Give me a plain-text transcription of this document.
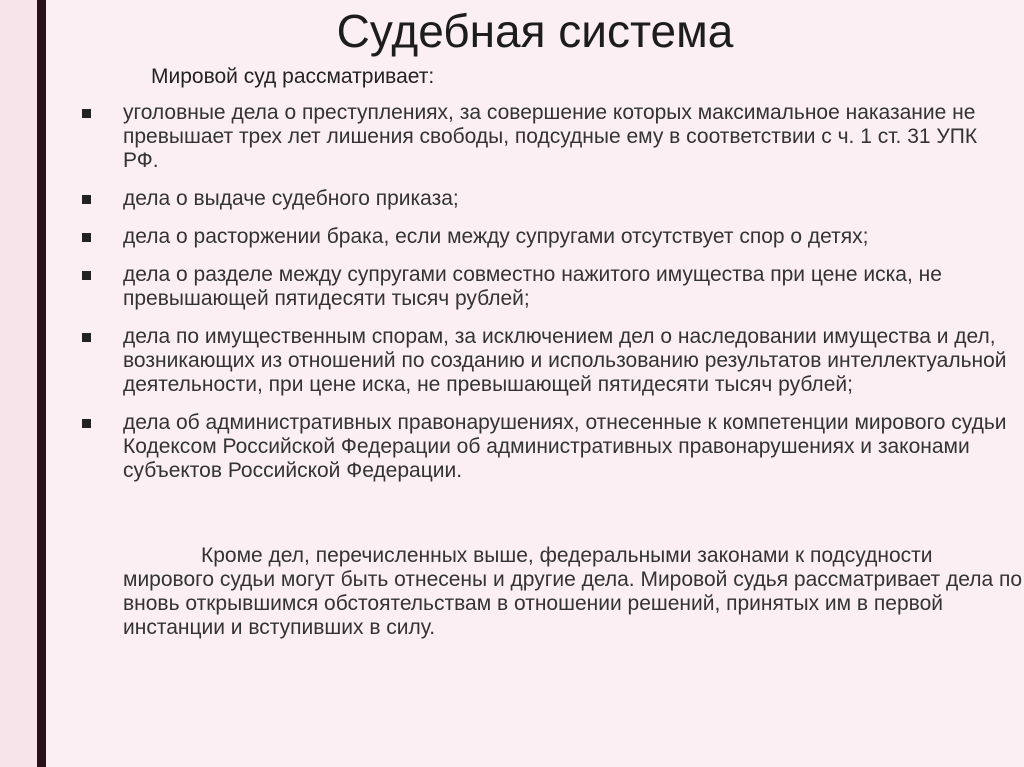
Судебная система
Мировой суд рассматривает:
уголовные дела о преступлениях, за совершение которых максимальное наказание не превышает трех лет лишения свободы, подсудные ему в соответствии с ч. 1 ст. 31 УПК РФ.
дела о выдаче судебного приказа;
дела о расторжении брака, если между супругами отсутствует спор о детях;
дела о разделе между супругами совместно нажитого имущества при цене иска, не превышающей пятидесяти тысяч рублей;
дела по имущественным спорам, за исключением дел о наследовании имущества и дел, возникающих из отношений по созданию и использованию результатов интеллектуальной деятельности, при цене иска, не превышающей пятидесяти тысяч рублей;
дела об административных правонарушениях, отнесенные к компетенции мирового судьи Кодексом Российской Федерации об административных правонарушениях и законами субъектов Российской Федерации.

Кроме дел, перечисленных выше, федеральными законами к подсудности мирового судьи могут быть отнесены и другие дела. Мировой судья рассматривает дела по вновь открывшимся обстоятельствам в отношении решений, принятых им в первой инстанции и вступивших в силу.
